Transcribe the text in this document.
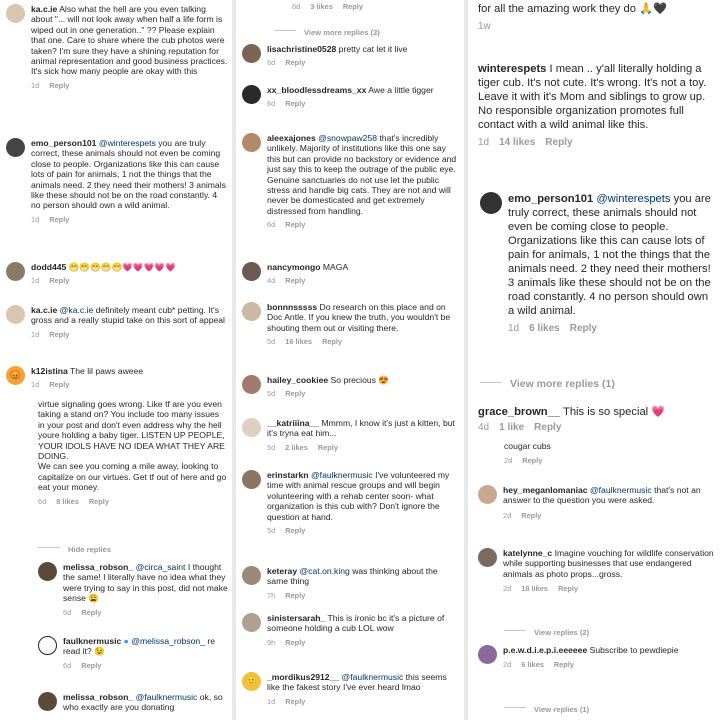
ka.c.ie Also what the hell are you even talking about "... will not look away when half a life form is wiped out in one generation.." ?? Please explain that one. Care to share where the cub photos were taken? I'm sure they have a shining reputation for animal representation and good business practices. It's sick how many people are okay with this
1d Reply
emo_person101 @winterespets you are truly correct, these animals should not even be coming close to people. Organizations like this can cause lots of pain for animals, 1 not the things that the animals need. 2 they need their mothers! 3 animals like these should not be on the road constantly. 4 no person should own a wild animal.
1d Reply
dodd445 😁😁😁😁😁💗💗💗💗💗
1d Reply
ka.c.ie @ka.c.ie definitely meant cub* petting. It's gross and a really stupid take on this sort of appeal
1d Reply
😡	k12istina The lil paws aweee
1d Reply
virtue signaling goes wrong. Like tf are you even taking a stand on? You include too many issues in your post and don't even address why the hell youre holding a baby tiger. LISTEN UP PEOPLE, YOUR IDOLS HAVE NO IDEA WHAT THEY ARE DOING.
We can see you coming a mile away, looking to capitalize on our virtues. Get tf out of here and go eat your money.
6d 8 likes Reply
Hide replies
melissa_robson_ @circa_saint I thought the same! I literally have no idea what they were trying to say in this post, did not make sense 😩
6d Reply
faulknermusic ● @melissa_robson_ re read it? 😉
6d Reply
melissa_robson_ @faulknermusic ok, so who exactly are you donating
6d 3 likes Reply
View more replies (2)
lisachristine0528 pretty cat let it live
6d Reply
xx_bloodlessdreams_xx Awe a little tigger
6d Reply
aleexajones @snowpaw258 that's incredibly unlikely. Majority of institutions like this one say this but can provide no backstory or evidence and just say this to keep the outrage of the public eye. Genuine sanctuaries do not use let the public stress and handle big cats. They are not and will never be domesticated and get extremely distressed from handling.
6d Reply
nancymongo MAGA
4d Reply
bonnnsssss Do research on this place and on Doc Antle. If you knew the truth, you wouldn't be shouting them out or visiting there.
5d 16 likes Reply
hailey_cookiee So precious 😍
5d Reply
__katriiina__ Mmmm, I know it's just a kitten, but it's tryna eat him...
5d 2 likes Reply
erinstarkn @faulknermusic I've volunteered my time with animal rescue groups and will begin volunteering with a rehab center soon- what organization is this cub with? Don't ignore the question at hand.
5d Reply
keteray @cat.on.king was thinking about the same thing
7h Reply
sinistersarah_ This is ironic bc it's a picture of someone holding a cub LOL wow
9h Reply
🙂	_mordikus2912__ @faulknermusic this seems like the fakest story I've ever heard lmao
1d Reply
for all the amazing work they do 🙏🖤
1w
winterespets I mean .. y'all literally holding a tiger cub. It's not cute. It's wrong. It's not a toy. Leave it with it's Mom and siblings to grow up. No responsible organization promotes full contact with a wild animal like this.
1d 14 likes Reply
emo_person101 @winterespets you are truly correct, these animals should not even be coming close to people. Organizations like this can cause lots of pain for animals, 1 not the things that the animals need. 2 they need their mothers! 3 animals like these should not be on the road constantly. 4 no person should own a wild animal.
1d 6 likes Reply
View more replies (1)
grace_brown__ This is so special 💗
4d 1 like Reply
cougar cubs
2d Reply
hey_meganlomaniac @faulknermusic that's not an answer to the question you were asked.
2d Reply
katelynne_c Imagine vouching for wildlife conservation while supporting businesses that use endangered animals as photo props...gross.
2d 18 likes Reply
View replies (2)
p.e.w.d.i.e.p.i.eeeeee Subscribe to pewdiepie
2d 6 likes Reply
View replies (1)
